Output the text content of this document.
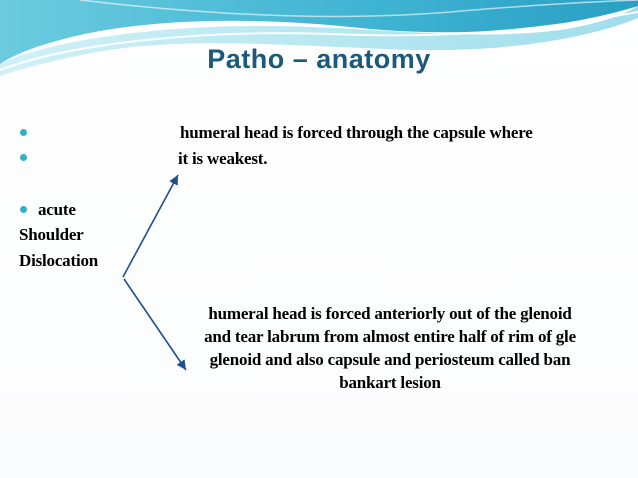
Patho – anatomy
humeral head is forced through the capsule where
it is weakest.
acute
Shoulder
Dislocation
humeral head is forced anteriorly out of the glenoid
and tear labrum from almost entire half of rim of gle
glenoid and also capsule and periosteum called ban
bankart lesion
